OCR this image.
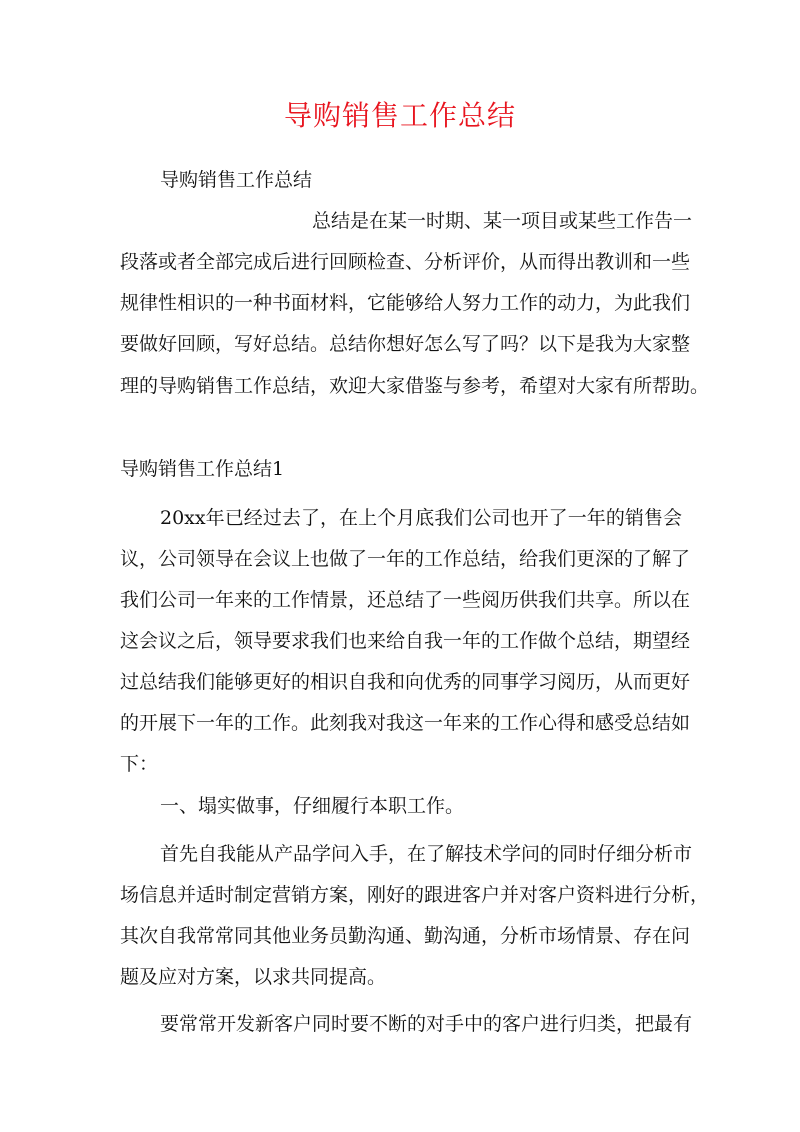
导购销售工作总结
导购销售工作总结
总结是在某一时期、某一项目或某些工作告一
段落或者全部完成后进行回顾检查、分析评价，从而得出教训和一些
规律性相识的一种书面材料，它能够给人努力工作的动力，为此我们
要做好回顾，写好总结。总结你想好怎么写了吗？以下是我为大家整
理的导购销售工作总结，欢迎大家借鉴与参考，希望对大家有所帮助。
导购销售工作总结1
20xx年已经过去了，在上个月底我们公司也开了一年的销售会
议，公司领导在会议上也做了一年的工作总结，给我们更深的了解了
我们公司一年来的工作情景，还总结了一些阅历供我们共享。所以在
这会议之后，领导要求我们也来给自我一年的工作做个总结，期望经
过总结我们能够更好的相识自我和向优秀的同事学习阅历，从而更好
的开展下一年的工作。此刻我对我这一年来的工作心得和感受总结如
下：
一、塌实做事，仔细履行本职工作。
首先自我能从产品学问入手，在了解技术学问的同时仔细分析市
场信息并适时制定营销方案，刚好的跟进客户并对客户资料进行分析，
其次自我常常同其他业务员勤沟通、勤沟通，分析市场情景、存在问
题及应对方案，以求共同提高。
要常常开发新客户同时要不断的对手中的客户进行归类，把最有
